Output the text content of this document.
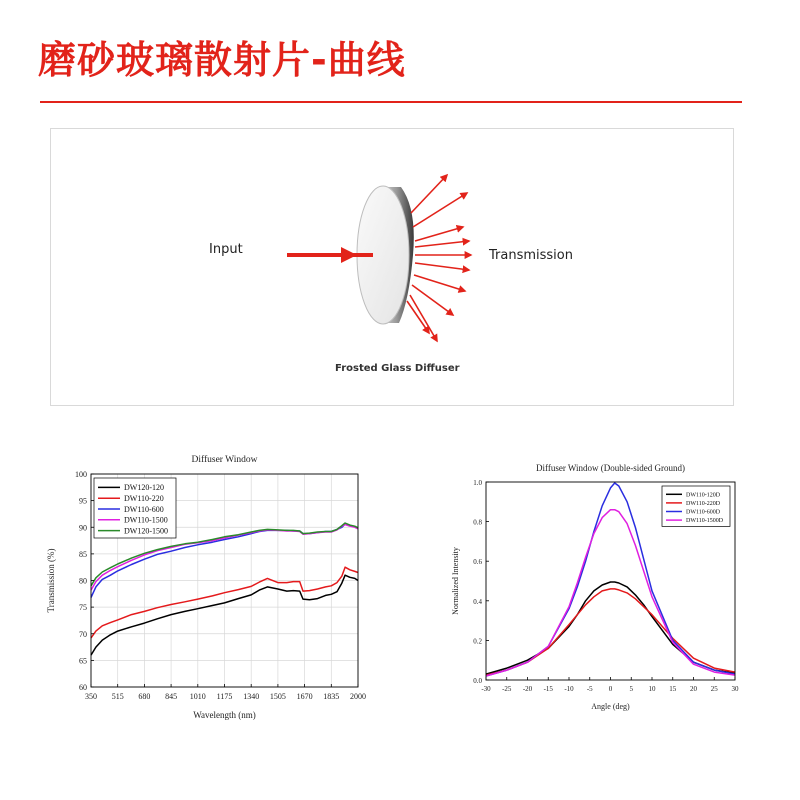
磨砂玻璃散射片-曲线
Input	Transmission
Frosted Glass Diffuser
Diffuser Window
350 515 680 845 1010 1175 1340 1505 1670 1835 2000
60
65
70
75
80
85
90
95
100
Wavelength (nm)
Transmission (%)
DW120-120
DW110-220
DW110-600
DW110-1500
DW120-1500
Diffuser Window (Double-sided Ground)
-30 -25 -20 -15 -10 -5 0 5 10 15 20 25 30
0.0
0.2
0.4
0.6
0.8
1.0
Angle (deg)
Normalized Intensity
DW110-120D
DW110-220D
DW110-600D
DW110-1500D
